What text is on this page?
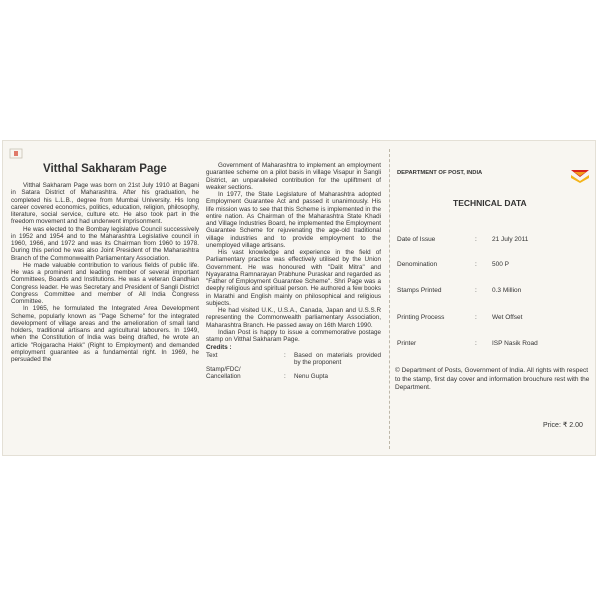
Vitthal Sakharam Page

Vitthal Sakharam Page was born on 21st July 1910 at Bagani in Satara District of Maharashtra. After his graduation, he completed his L.L.B., degree from Mumbai University. His long career covered economics, politics, education, religion, philosophy, literature, social service, culture etc. He also took part in the freedom movement and had underwent imprisonment.

He was elected to the Bombay legislative Council successively in 1952 and 1954 and to the Maharashtra Legislative council in 1960, 1966, and 1972 and was its Chairman from 1960 to 1978. During this period he was also Joint President of the Maharashtra Branch of the Commonwealth Parliamentary Association.

He made valuable contribution to various fields of public life. He was a prominent and leading member of several important Committees, Boards and Institutions. He was a veteran Gandhian Congress leader. He was Secretary and President of Sangli District Congress Committee and member of All India Congress Committee.

In 1965, he formulated the Integrated Area Development Scheme, popularly known as "Page Scheme" for the integrated development of village areas and the amelioration of small land holders, traditional artisans and agricultural labourers. In 1949, when the Constitution of India was being drafted, he wrote an article "Rojgaracha Hakk" (Right to Employment) and demanded employment guarantee as a fundamental right. In 1969, he persuaded the

Government of Maharashtra to implement an employment guarantee scheme on a pilot basis in village Visapur in Sangli District, an unparalleled contribution for the upliftment of weaker sections.

In 1977, the State Legislature of Maharashtra adopted Employment Guarantee Act and passed it unanimously. His life mission was to see that this Scheme is implemented in the entire nation. As Chairman of the Maharashtra State Khadi and Village Industries Board, he implemented the Employment Guarantee Scheme for rejuvenating the age-old traditional village industries and to provide employment to the unemployed village artisans.

His vast knowledge and experience in the field of Parliamentary practice was effectively utilised by the Union Government. He was honoured with "Dalit Mitra" and Nyayaratna Ramnarayan Prabhune Puraskar and regarded as "Father of Employment Guarantee Scheme". Shri Page was a deeply religious and spiritual person. He authored a few books in Marathi and English mainly on philosophical and religious subjects.

He had visited U.K., U.S.A., Canada, Japan and U.S.S.R representing the Commonwealth parliamentary Association, Maharashtra Branch. He passed away on 16th March 1990.

Indian Post is happy to issue a commemorative postage stamp on Vitthal Sakharam Page.

Credits :
Text	:	Based on materials provided by the proponent
Stamp/FDC/
Cancellation	:	Nenu Gupta
DEPARTMENT OF POST, INDIA
TECHNICAL DATA
Date of Issue	: 21 July 2011
Denomination	: 500 P
Stamps Printed	: 0.3 Million
Printing Process	: Wet Offset
Printer	: ISP Nasik Road
© Department of Posts, Government of India. All rights with respect to the stamp, first day cover and information brouchure rest with the Department.
Price: ₹ 2.00
